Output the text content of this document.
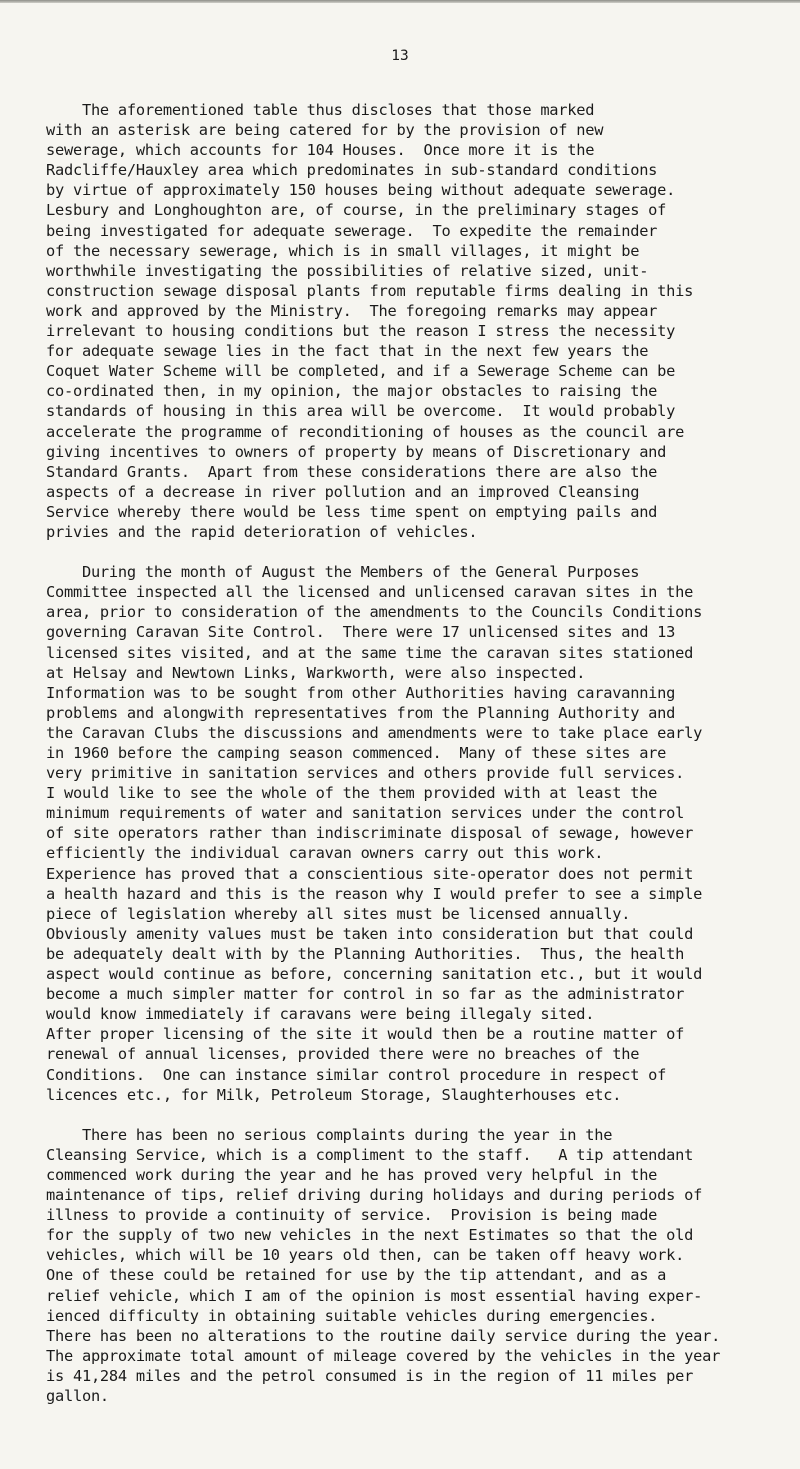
13
The aforementioned table thus discloses that those marked
with an asterisk are being catered for by the provision of new
sewerage, which accounts for 104 Houses.  Once more it is the
Radcliffe/Hauxley area which predominates in sub-standard conditions
by virtue of approximately 150 houses being without adequate sewerage.
Lesbury and Longhoughton are, of course, in the preliminary stages of
being investigated for adequate sewerage.  To expedite the remainder
of the necessary sewerage, which is in small villages, it might be
worthwhile investigating the possibilities of relative sized, unit-
construction sewage disposal plants from reputable firms dealing in this
work and approved by the Ministry.  The foregoing remarks may appear
irrelevant to housing conditions but the reason I stress the necessity
for adequate sewage lies in the fact that in the next few years the
Coquet Water Scheme will be completed, and if a Sewerage Scheme can be
co-ordinated then, in my opinion, the major obstacles to raising the
standards of housing in this area will be overcome.  It would probably
accelerate the programme of reconditioning of houses as the council are
giving incentives to owners of property by means of Discretionary and
Standard Grants.  Apart from these considerations there are also the
aspects of a decrease in river pollution and an improved Cleansing
Service whereby there would be less time spent on emptying pails and
privies and the rapid deterioration of vehicles.
During the month of August the Members of the General Purposes
Committee inspected all the licensed and unlicensed caravan sites in the
area, prior to consideration of the amendments to the Councils Conditions
governing Caravan Site Control.  There were 17 unlicensed sites and 13
licensed sites visited, and at the same time the caravan sites stationed
at Helsay and Newtown Links, Warkworth, were also inspected.
Information was to be sought from other Authorities having caravanning
problems and alongwith representatives from the Planning Authority and
the Caravan Clubs the discussions and amendments were to take place early
in 1960 before the camping season commenced.  Many of these sites are
very primitive in sanitation services and others provide full services.
I would like to see the whole of the them provided with at least the
minimum requirements of water and sanitation services under the control
of site operators rather than indiscriminate disposal of sewage, however
efficiently the individual caravan owners carry out this work.
Experience has proved that a conscientious site-operator does not permit
a health hazard and this is the reason why I would prefer to see a simple
piece of legislation whereby all sites must be licensed annually.
Obviously amenity values must be taken into consideration but that could
be adequately dealt with by the Planning Authorities.  Thus, the health
aspect would continue as before, concerning sanitation etc., but it would
become a much simpler matter for control in so far as the administrator
would know immediately if caravans were being illegaly sited.
After proper licensing of the site it would then be a routine matter of
renewal of annual licenses, provided there were no breaches of the
Conditions.  One can instance similar control procedure in respect of
licences etc., for Milk, Petroleum Storage, Slaughterhouses etc.
There has been no serious complaints during the year in the
Cleansing Service, which is a compliment to the staff.   A tip attendant
commenced work during the year and he has proved very helpful in the
maintenance of tips, relief driving during holidays and during periods of
illness to provide a continuity of service.  Provision is being made
for the supply of two new vehicles in the next Estimates so that the old
vehicles, which will be 10 years old then, can be taken off heavy work.
One of these could be retained for use by the tip attendant, and as a
relief vehicle, which I am of the opinion is most essential having exper-
ienced difficulty in obtaining suitable vehicles during emergencies.
There has been no alterations to the routine daily service during the year.
The approximate total amount of mileage covered by the vehicles in the year
is 41,284 miles and the petrol consumed is in the region of 11 miles per
gallon.
